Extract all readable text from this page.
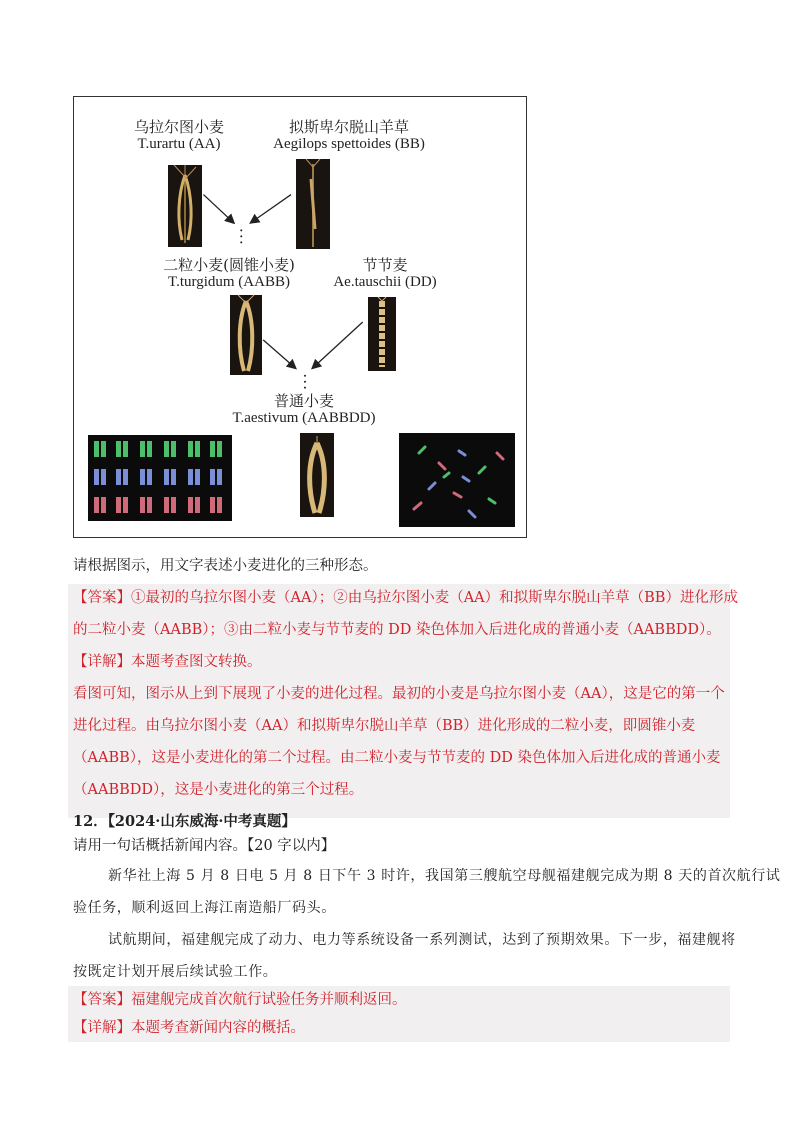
乌拉尔图小麦
T.urartu (AA)
拟斯卑尔脱山羊草
Aegilops spettoides (BB)
二粒小麦(圆锥小麦)
T.turgidum (AABB)
节节麦
Ae.tauschii (DD)
普通小麦
T.aestivum (AABBDD)
请根据图示，用文字表述小麦进化的三种形态。
【答案】①最初的乌拉尔图小麦（AA）；②由乌拉尔图小麦（AA）和拟斯卑尔脱山羊草（BB）进化形成
的二粒小麦（AABB）；③由二粒小麦与节节麦的 DD 染色体加入后进化成的普通小麦（AABBDD）。
【详解】本题考查图文转换。
看图可知，图示从上到下展现了小麦的进化过程。最初的小麦是乌拉尔图小麦（AA），这是它的第一个
进化过程。由乌拉尔图小麦（AA）和拟斯卑尔脱山羊草（BB）进化形成的二粒小麦，即圆锥小麦
（AABB），这是小麦进化的第二个过程。由二粒小麦与节节麦的 DD 染色体加入后进化成的普通小麦
（AABBDD），这是小麦进化的第三个过程。
12．【2024·山东威海·中考真题】
请用一句话概括新闻内容。【20 字以内】
新华社上海 5 月 8 日电 5 月 8 日下午 3 时许，我国第三艘航空母舰福建舰完成为期 8 天的首次航行试
验任务，顺利返回上海江南造船厂码头。
试航期间，福建舰完成了动力、电力等系统设备一系列测试，达到了预期效果。下一步，福建舰将
按既定计划开展后续试验工作。
【答案】福建舰完成首次航行试验任务并顺利返回。
【详解】本题考查新闻内容的概括。
